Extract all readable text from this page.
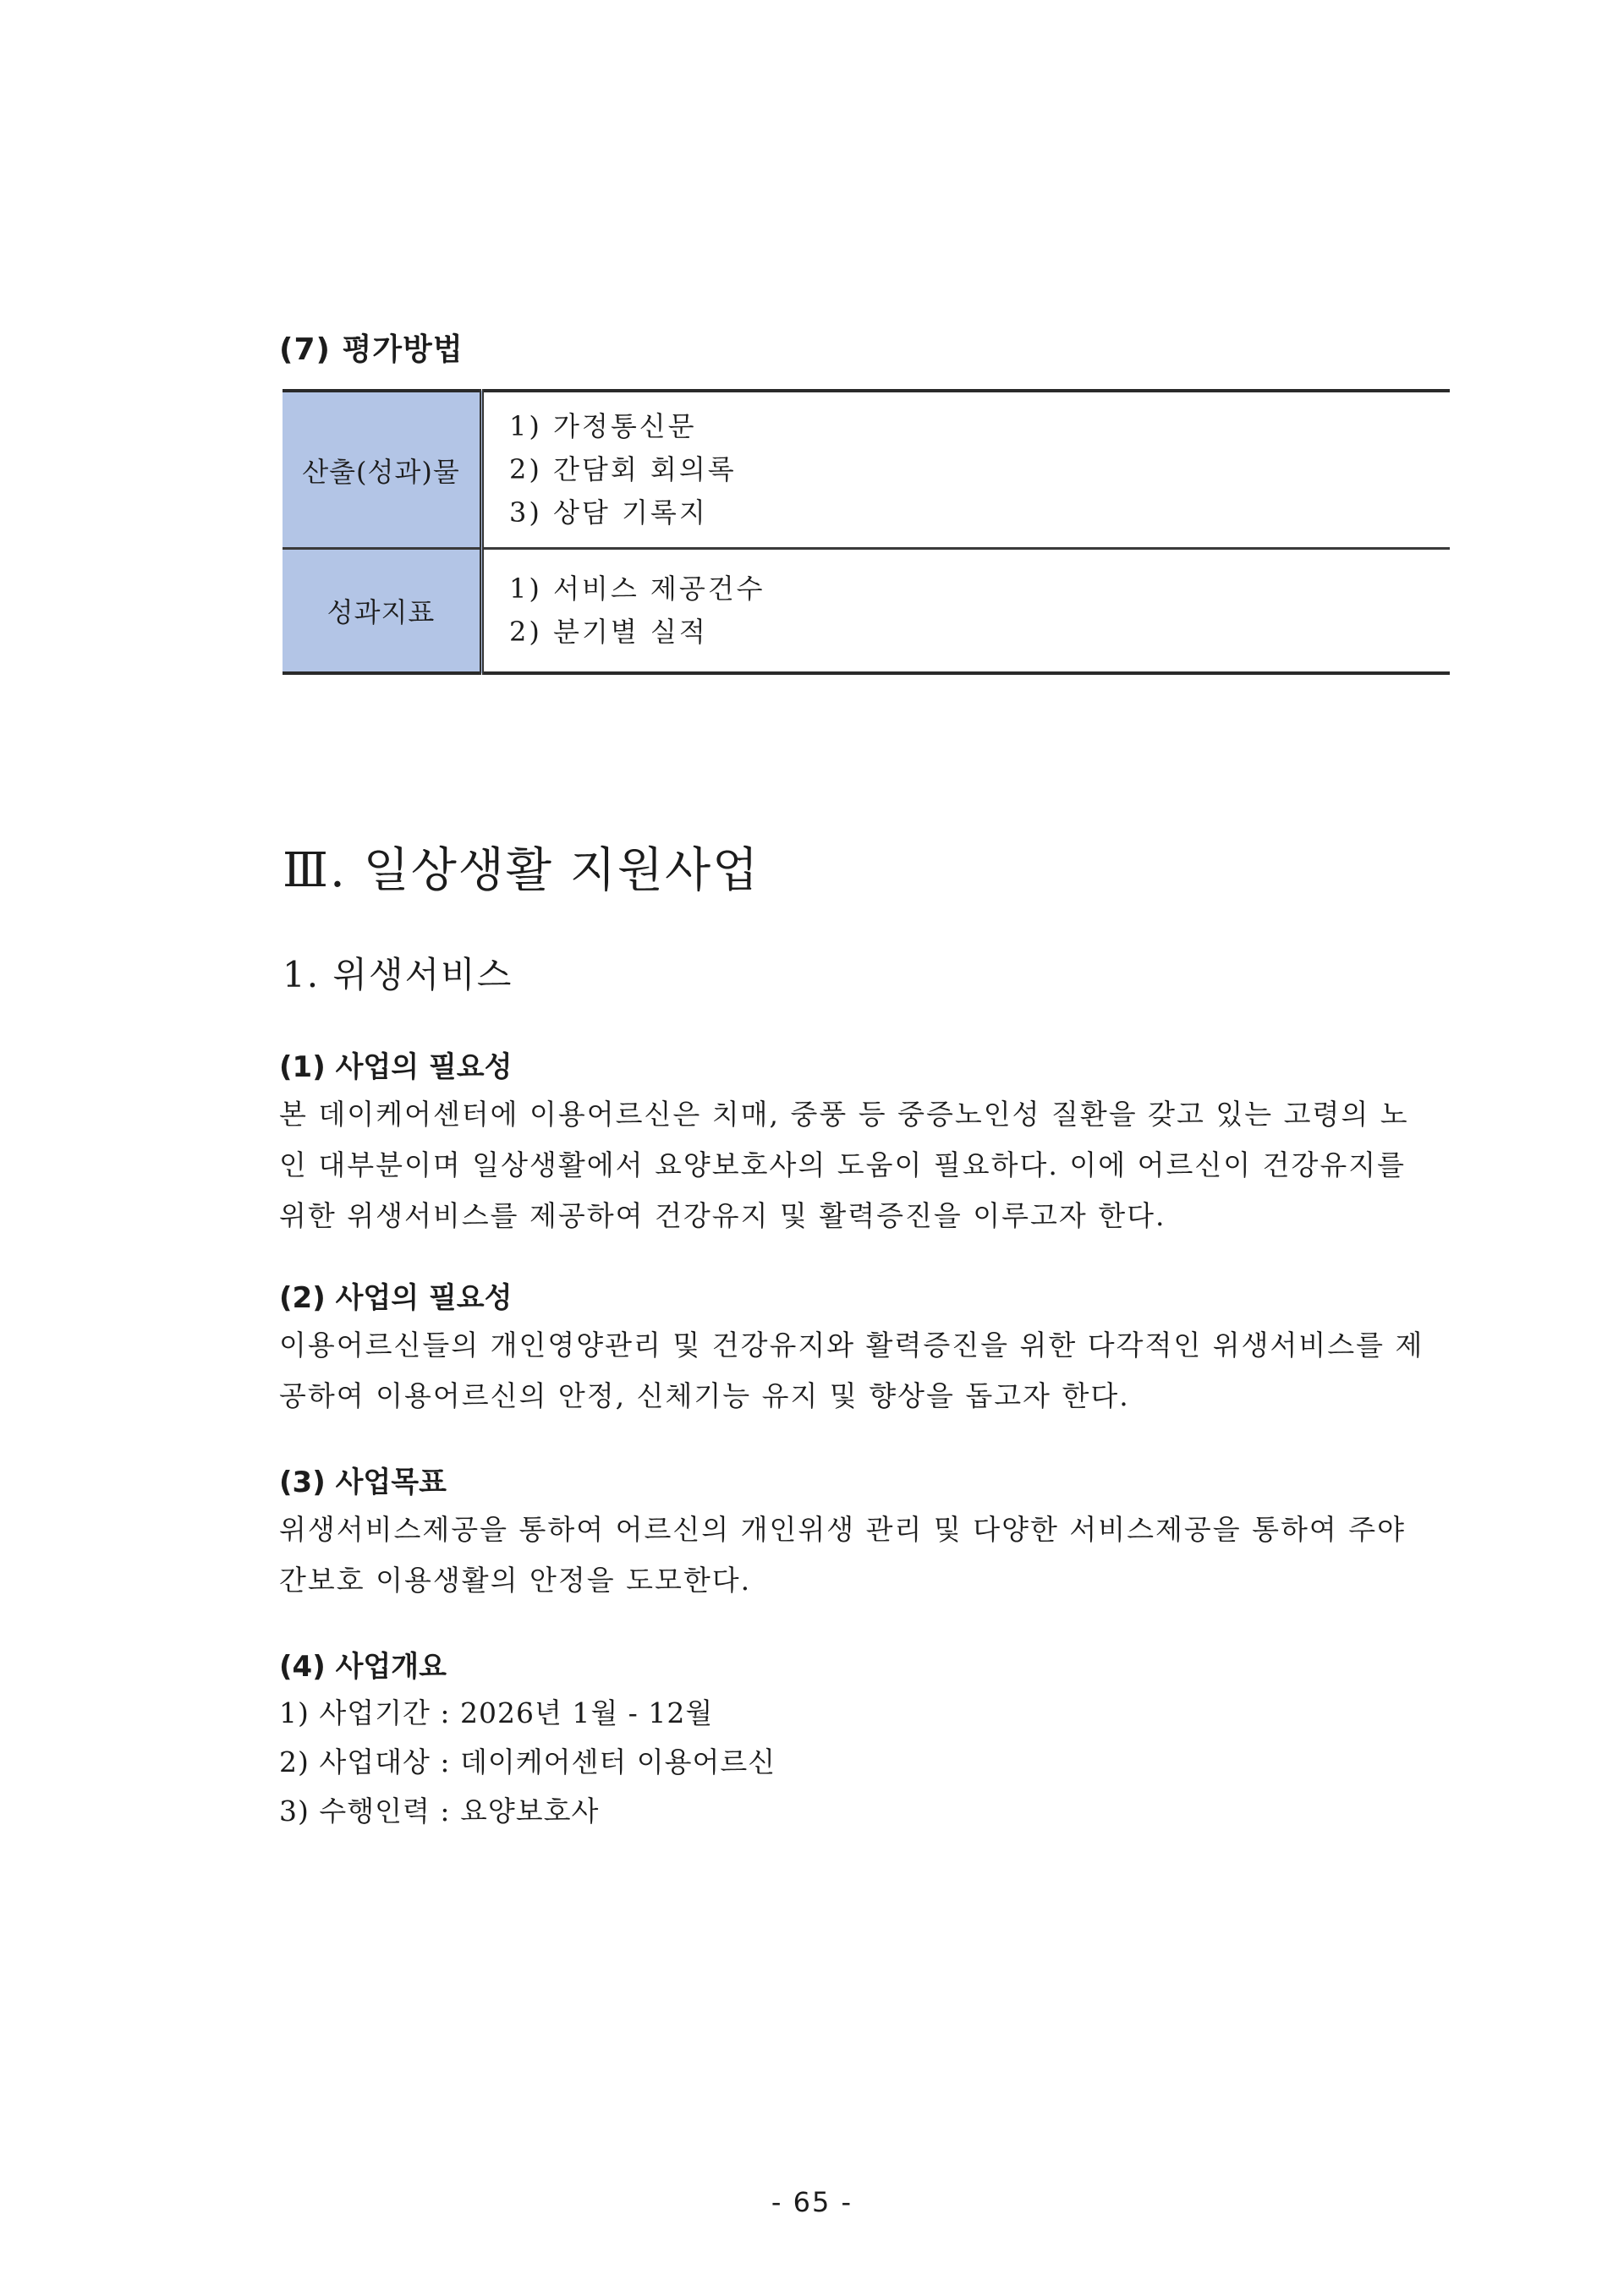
(7) 평가방법
산출(성과)물	1) 가정통신문
2) 간담회 회의록
3) 상담 기록지

성과지표	1) 서비스 제공건수
2) 분기별 실적
Ⅲ. 일상생활 지원사업
1. 위생서비스
(1) 사업의 필요성
본 데이케어센터에 이용어르신은 치매, 중풍 등 중증노인성 질환을 갖고 있는 고령의 노
인 대부분이며 일상생활에서 요양보호사의 도움이 필요하다. 이에 어르신이 건강유지를
위한 위생서비스를 제공하여 건강유지 및 활력증진을 이루고자 한다.
(2) 사업의 필요성
이용어르신들의 개인영양관리 및 건강유지와 활력증진을 위한 다각적인 위생서비스를 제
공하여 이용어르신의 안정, 신체기능 유지 및 향상을 돕고자 한다.
(3) 사업목표
위생서비스제공을 통하여 어르신의 개인위생 관리 및 다양한 서비스제공을 통하여 주야
간보호 이용생활의 안정을 도모한다.
(4) 사업개요
1) 사업기간 : 2026년 1월 - 12월
2) 사업대상 : 데이케어센터 이용어르신
3) 수행인력 : 요양보호사
- 65 -
